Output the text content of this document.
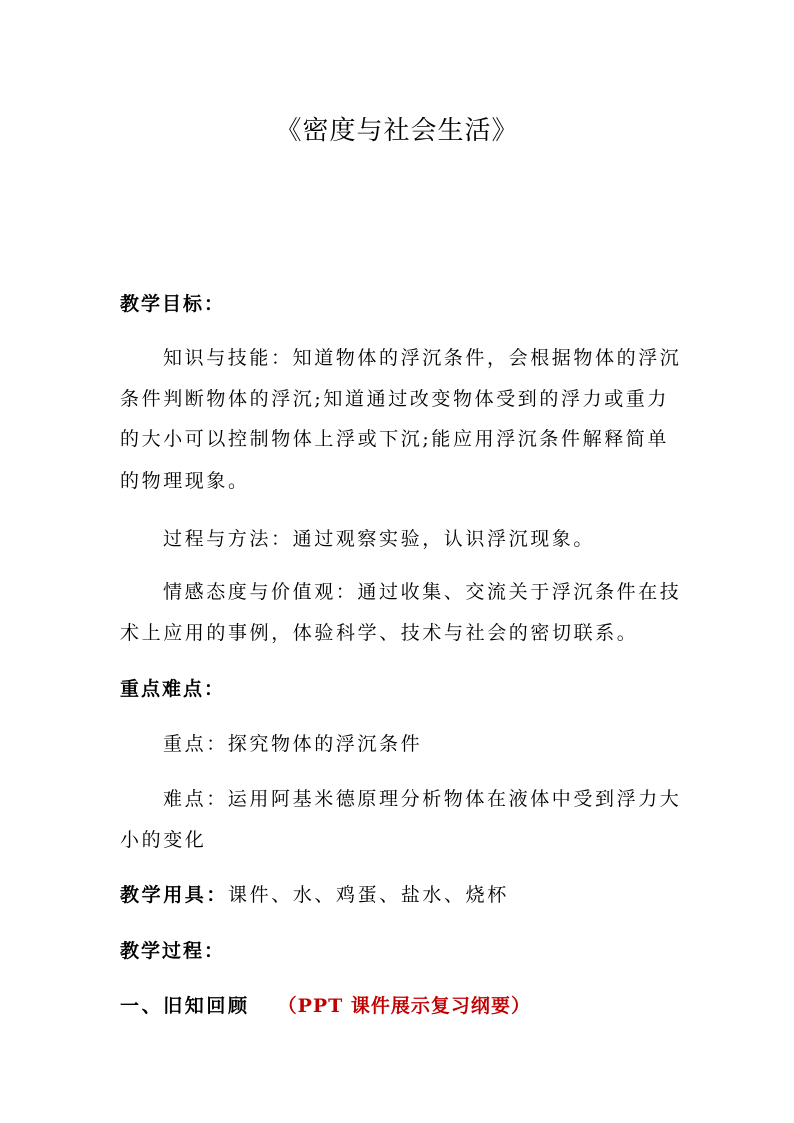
《密度与社会生活》
教学目标：
知识与技能：知道物体的浮沉条件，会根据物体的浮沉
条件判断物体的浮沉;知道通过改变物体受到的浮力或重力
的大小可以控制物体上浮或下沉;能应用浮沉条件解释简单
的物理现象。
过程与方法：通过观察实验，认识浮沉现象。
情感态度与价值观：通过收集、交流关于浮沉条件在技
术上应用的事例，体验科学、技术与社会的密切联系。
重点难点：
重点：探究物体的浮沉条件
难点：运用阿基米德原理分析物体在液体中受到浮力大
小的变化
教学用具：课件、水、鸡蛋、盐水、烧杯
教学过程：
一、旧知回顾 （PPT 课件展示复习纲要）
